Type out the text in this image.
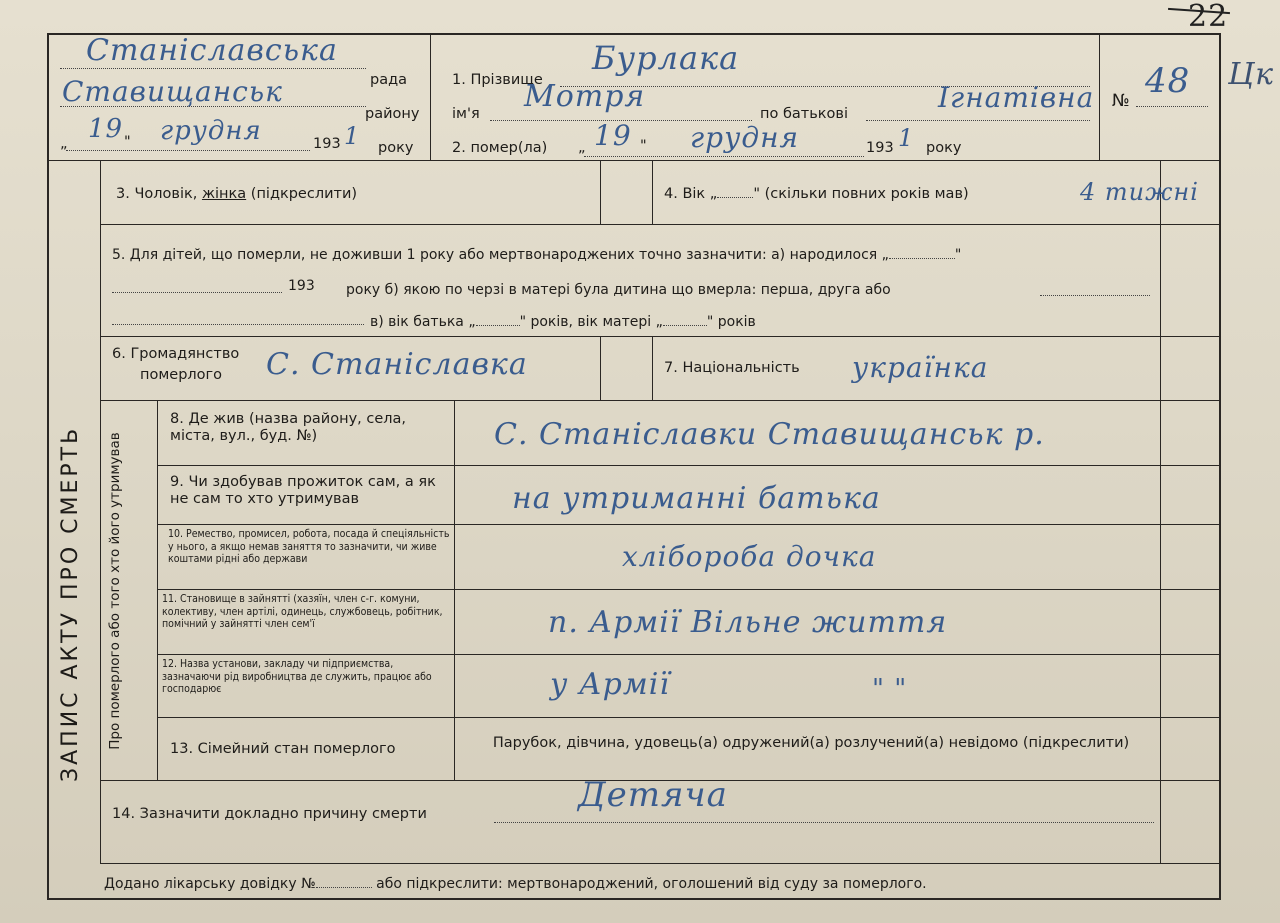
22
Цк
Станіславська
рада
Ставищанськ
району
„ 19 " грудня	193 1 року
1. Прізвище
Бурлака
ім'я Мотря	по батькові	Ігнатівна
2. помер(ла) „ 19 " грудня	193 1 року
№ 48
ЗАПИС АКТУ ПРО СМЕРТЬ
3. Чоловік, жінка (підкреслити)	4. Вік „ " (скільки повних років мав)	4 тижні
5. Для дітей, що померли, не доживши 1 року або мертвонароджених точно зазначити: а) народилося „	"
193 року б) якою по черзі в матері була дитина що вмерла: перша, друга або
в) вік батька „	" років, вік матері „	" років
6. Громадянство
померлого С. Станіславка	7. Національність українка
Про померлого або того хто його утримував
8. Де жив (назва району, села, міста, вул., буд. №)	С. Станіславки Ставищанськ р.
9. Чи здобував прожиток сам, а як не сам то хто утримував	на утриманні батька
10. Ремество, промисел, робота, посада й спеціяльність у нього, а якщо немав заняття то зазначити, чи живе коштами рідні або держави	хлібороба дочка
11. Становище в зайнятті (хазяїн, член с-г. комуни, колективу, член артілі, одинець, службовець, робітник, помічний у зайнятті член сем'ї	п. Армії Вільне життя
12. Назва установи, закладу чи підприємства, зазначаючи рід виробництва де служить, працює або господарює	у Армії	" "
13. Сімейний стан померлого	Парубок, дівчина, удовець(а) одружений(а) розлучений(а) невідомо (підкреслити)
14. Зазначити докладно причину смерти	Детяча
Додано лікарську довідку №	або підкреслити: мертвонароджений, оголошений від суду за померлого.
